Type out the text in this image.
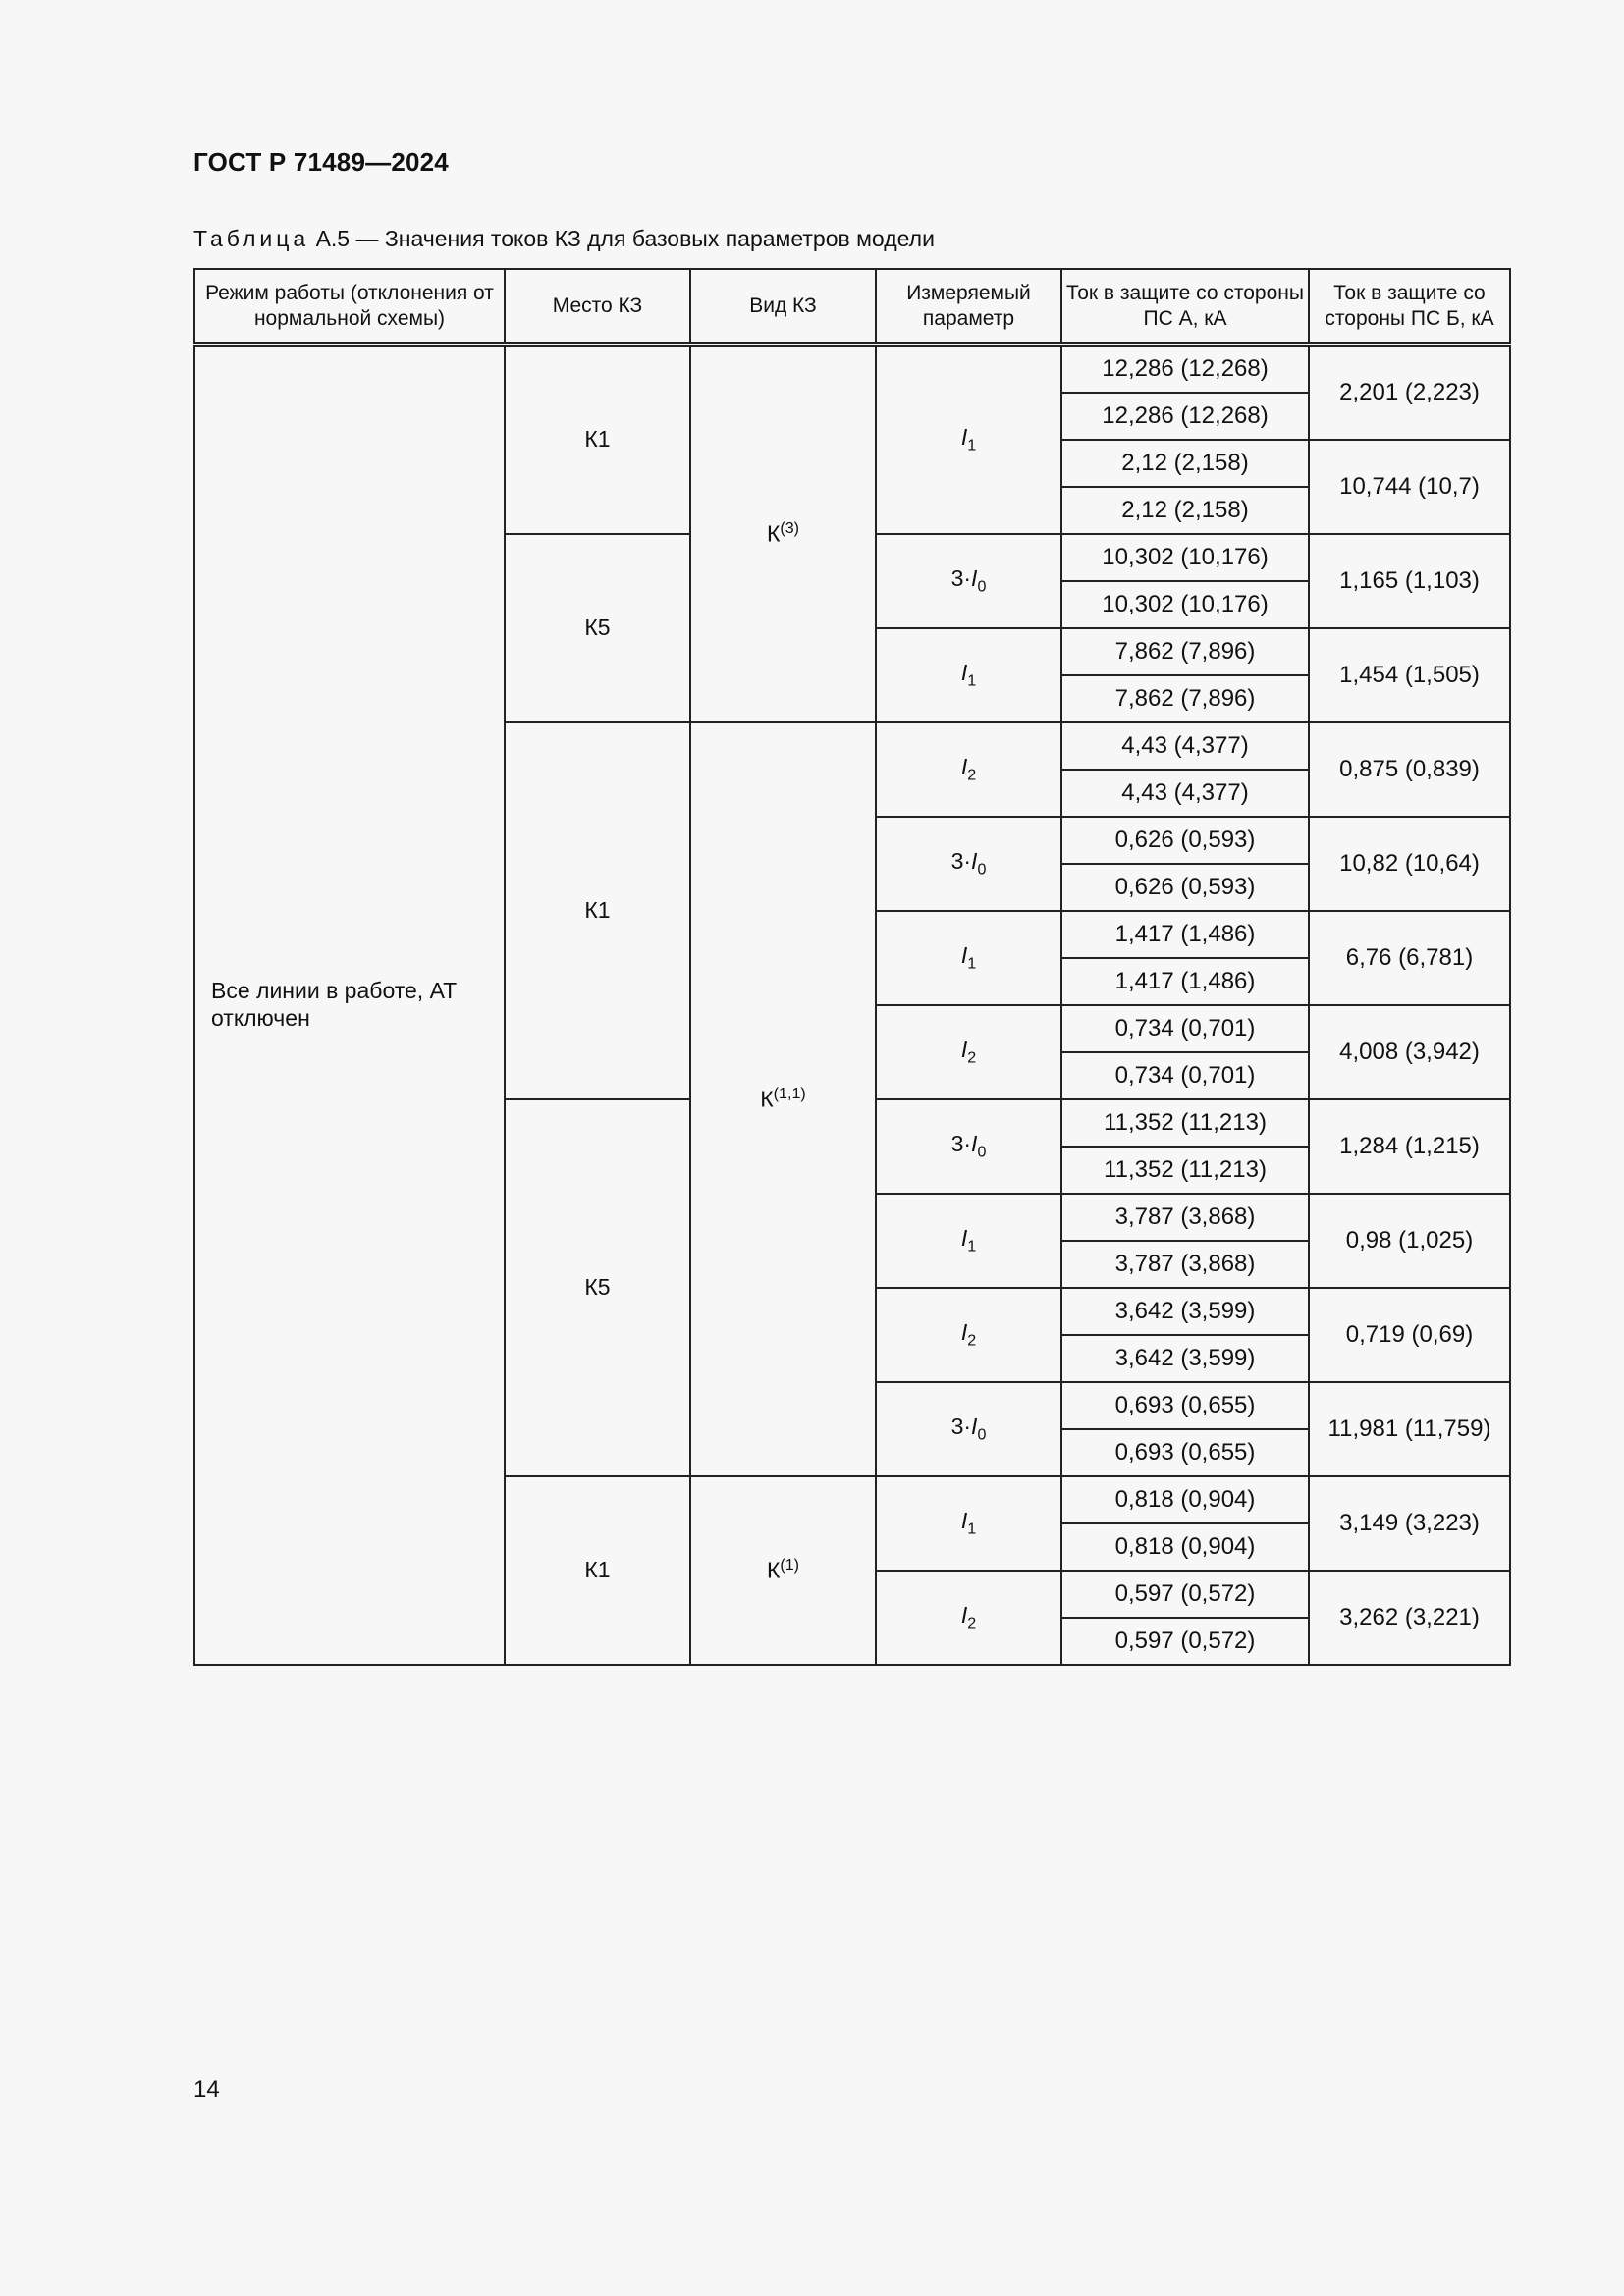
ГОСТ Р 71489—2024
Таблица А.5 — Значения токов КЗ для базовых параметров модели
Режим работы (отклонения от нормальной схемы)	Место КЗ	Вид КЗ	Измеряемый параметр	Ток в защите со стороны ПС А, кА	Ток в защите со стороны ПС Б, кА
Все линии в работе, АТ отключен	К1	$К^{(3)}$	$I_1$	12,286 (12,268)	2,201 (2,223)
				12,286 (12,268)	
				2,12 (2,158)	10,744 (10,7)
				2,12 (2,158)	
	К5		$3\cdot I_0$	10,302 (10,176)	1,165 (1,103)
				10,302 (10,176)	
			$I_1$	7,862 (7,896)	1,454 (1,505)
				7,862 (7,896)	
	К1	К$^{(1,1)}$	$I_2$	4,43 (4,377)	0,875 (0,839)
				4,43 (4,377)	
			$3\cdot I_0$	0,626 (0,593)	10,82 (10,64)
				0,626 (0,593)	
			$I_1$	1,417 (1,486)	6,76 (6,781)
				1,417 (1,486)	
			$I_2$	0,734 (0,701)	4,008 (3,942)
				0,734 (0,701)	
	К5		$3\cdot I_0$	11,352 (11,213)	1,284 (1,215)
				11,352 (11,213)	
			$I_1$	3,787 (3,868)	0,98 (1,025)
				3,787 (3,868)	
			$I_2$	3,642 (3,599)	0,719 (0,69)
				3,642 (3,599)	
			$3\cdot I_0$	0,693 (0,655)	11,981 (11,759)
				0,693 (0,655)	
	К1	$К^{(1)}$	$I_1$	0,818 (0,904)	3,149 (3,223)
				0,818 (0,904)	
			$I_2$	0,597 (0,572)	3,262 (3,221)
				0,597 (0,572)	
14
